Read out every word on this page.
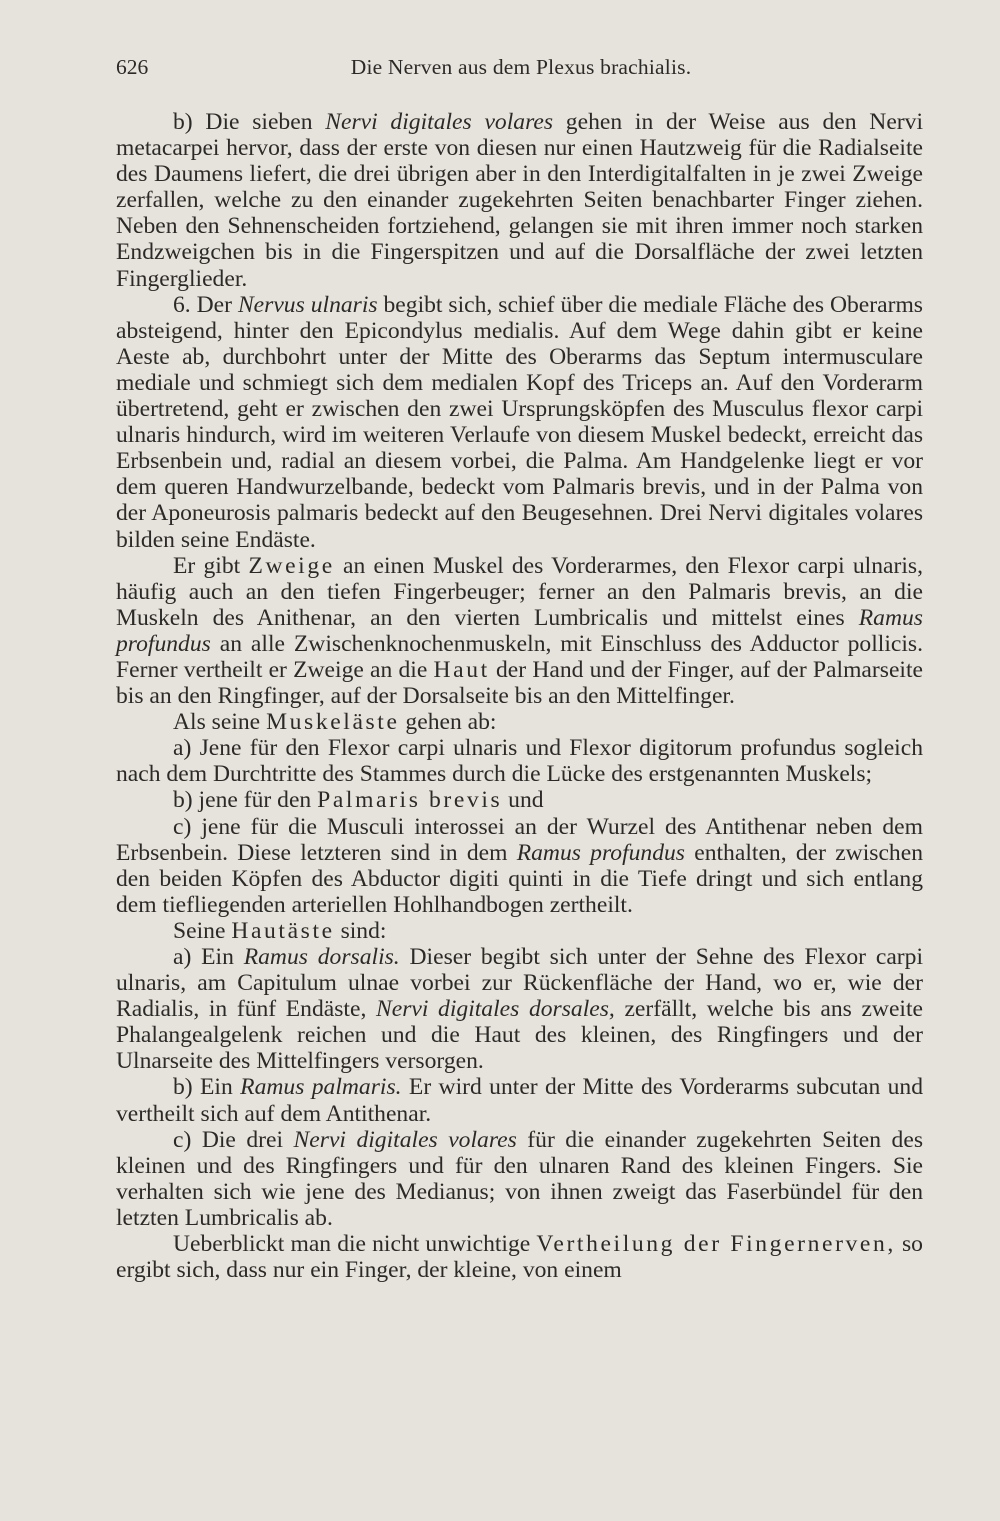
626	Die Nerven aus dem Plexus brachialis.

b) Die sieben Nervi digitales volares gehen in der Weise aus den Nervi metacarpei hervor, dass der erste von diesen nur einen Hautzweig für die Radialseite des Daumens liefert, die drei übrigen aber in den Interdigitalfalten in je zwei Zweige zerfallen, welche zu den einander zugekehrten Seiten benachbarter Finger ziehen. Neben den Sehnenscheiden fortziehend, gelangen sie mit ihren immer noch starken Endzweigchen bis in die Fingerspitzen und auf die Dorsalfläche der zwei letzten Fingerglieder.

6. Der Nervus ulnaris begibt sich, schief über die mediale Fläche des Oberarms absteigend, hinter den Epicondylus medialis. Auf dem Wege dahin gibt er keine Aeste ab, durchbohrt unter der Mitte des Oberarms das Septum intermusculare mediale und schmiegt sich dem medialen Kopf des Triceps an. Auf den Vorderarm übertretend, geht er zwischen den zwei Ursprungsköpfen des Musculus flexor carpi ulnaris hindurch, wird im weiteren Verlaufe von diesem Muskel bedeckt, erreicht das Erbsenbein und, radial an diesem vorbei, die Palma. Am Handgelenke liegt er vor dem queren Handwurzelbande, bedeckt vom Palmaris brevis, und in der Palma von der Aponeurosis palmaris bedeckt auf den Beugesehnen. Drei Nervi digitales volares bilden seine Endäste.

Er gibt Zweige an einen Muskel des Vorderarmes, den Flexor carpi ulnaris, häufig auch an den tiefen Fingerbeuger; ferner an den Palmaris brevis, an die Muskeln des Anithenar, an den vierten Lumbricalis und mittelst eines Ramus profundus an alle Zwischenknochenmuskeln, mit Einschluss des Adductor pollicis. Ferner vertheilt er Zweige an die Haut der Hand und der Finger, auf der Palmarseite bis an den Ringfinger, auf der Dorsalseite bis an den Mittelfinger.

Als seine Muskeläste gehen ab:

a) Jene für den Flexor carpi ulnaris und Flexor digitorum profundus sogleich nach dem Durchtritte des Stammes durch die Lücke des erstgenannten Muskels;

b) jene für den Palmaris brevis und

c) jene für die Musculi interossei an der Wurzel des Antithenar neben dem Erbsenbein. Diese letzteren sind in dem Ramus profundus enthalten, der zwischen den beiden Köpfen des Abductor digiti quinti in die Tiefe dringt und sich entlang dem tiefliegenden arteriellen Hohlhandbogen zertheilt.

Seine Hautäste sind:

a) Ein Ramus dorsalis. Dieser begibt sich unter der Sehne des Flexor carpi ulnaris, am Capitulum ulnae vorbei zur Rückenfläche der Hand, wo er, wie der Radialis, in fünf Endäste, Nervi digitales dorsales, zerfällt, welche bis ans zweite Phalangealgelenk reichen und die Haut des kleinen, des Ringfingers und der Ulnarseite des Mittelfingers versorgen.

b) Ein Ramus palmaris. Er wird unter der Mitte des Vorderarms subcutan und vertheilt sich auf dem Antithenar.

c) Die drei Nervi digitales volares für die einander zugekehrten Seiten des kleinen und des Ringfingers und für den ulnaren Rand des kleinen Fingers. Sie verhalten sich wie jene des Medianus; von ihnen zweigt das Faserbündel für den letzten Lumbricalis ab.

Ueberblickt man die nicht unwichtige Vertheilung der Fingernerven, so ergibt sich, dass nur ein Finger, der kleine, von einem
